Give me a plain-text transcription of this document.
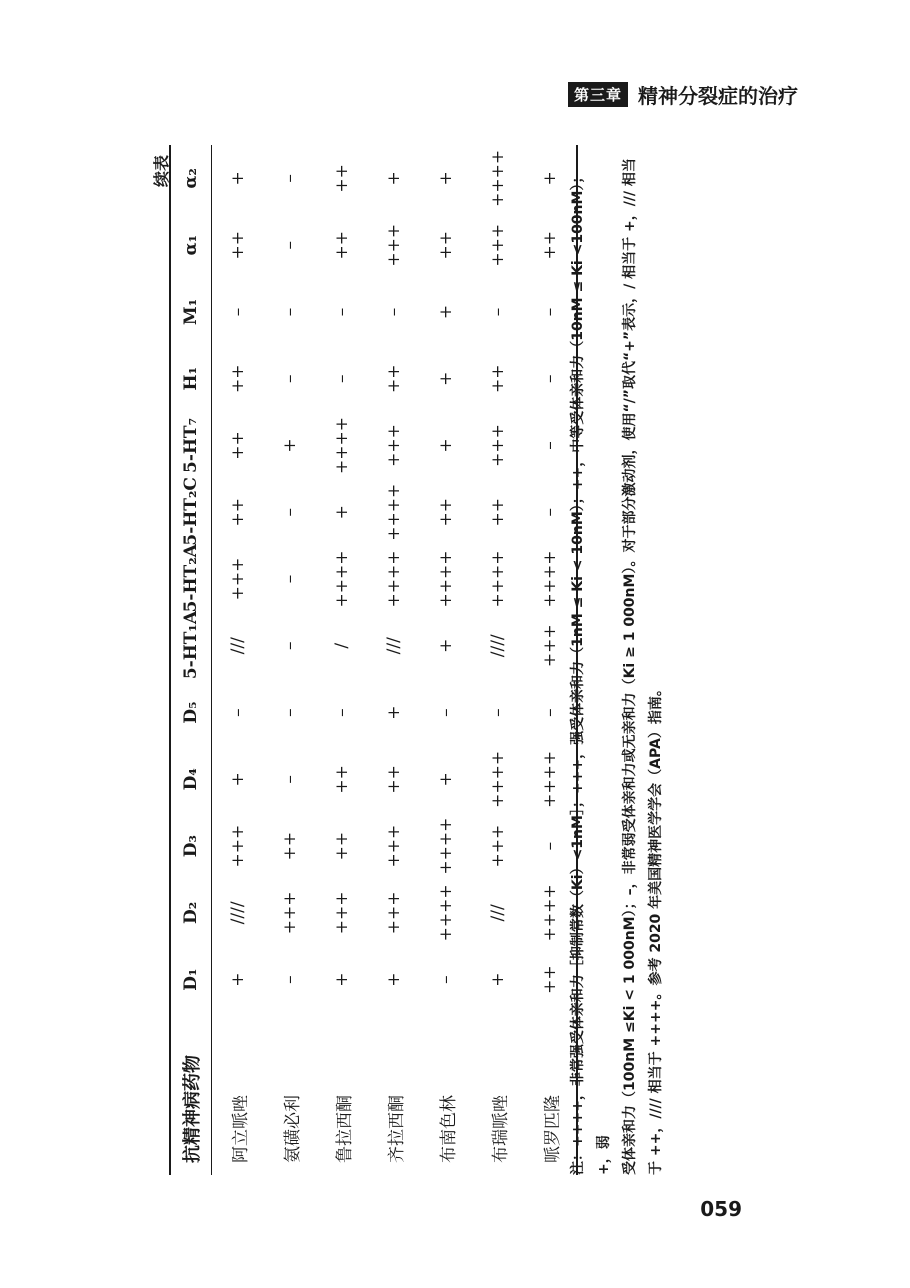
第三章 精神分裂症的治疗
续表
抗精神病药物	D₁	D₂	D₃	D₄	D₅	5-HT₁A	5-HT₂A	5-HT₂C	5-HT₇	H₁	M₁	α₁	α₂
阿立哌唑	+	////	+++	+	–	///	+++	++	++	++	–	++	+
氨磺必利	–	+++	++	–	–	–	–	–	+	–	–	–	–
鲁拉西酮	+	+++	++	++	–	/	++++	+	++++	–	–	++	++
齐拉西酮	+	+++	+++	++	+	///	++++	++++	+++	++	–	+++	+
布南色林	–	++++	++++	+	–	+	++++	++	+	+	+	++	+
布瑞哌唑	+	///	+++	++++	–	////	++++	++	+++	++	–	+++	++++
哌罗匹隆	++	++++	–	++++	–	+++	++++	–	–	–	–	++	+ 注：++++，非常强受体亲和力［抑制常数（Ki）<1nM］；+++，强受体亲和力（1nM ≤ Ki < 10nM）；++，中等受体亲和力（10nM ≤ Ki <100nM）；+，弱 受体亲和力（100nM ≤Ki < 1 000nM）；–，非常弱受体亲和力或无亲和力（Ki ≥ 1 000nM）。对于部分激动剂，使用“/”取代“+”表示，/ 相当于 +，/// 相当 于 ++，//// 相当于 ++++。参考 2020 年美国精神医学学会（APA）指南。

059
